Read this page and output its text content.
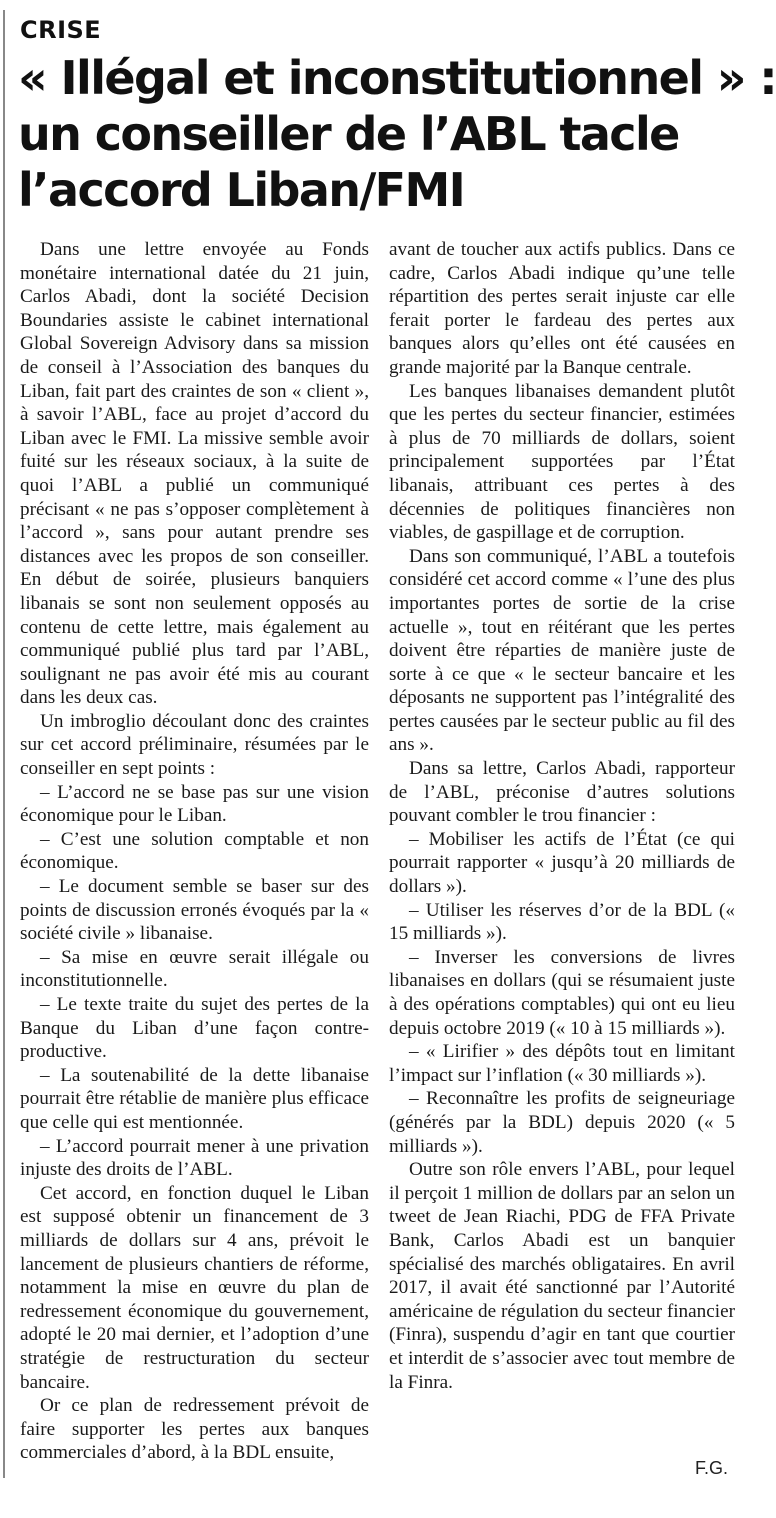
CRISE
« Illégal et inconstitutionnel » :
un conseiller de l’ABL tacle
l’accord Liban/FMI

Dans une lettre envoyée au Fonds monétaire international datée du 21 juin, Carlos Abadi, dont la société Decision Boundaries assiste le cabinet international Global Sovereign Advisory dans sa mission de conseil à l’Association des banques du Liban, fait part des craintes de son « client », à savoir l’ABL, face au projet d’accord du Liban avec le FMI. La missive semble avoir fuité sur les réseaux sociaux, à la suite de quoi l’ABL a publié un communiqué précisant « ne pas s’opposer complètement à l’accord », sans pour autant prendre ses distances avec les propos de son conseiller. En début de soirée, plusieurs banquiers libanais se sont non seulement opposés au contenu de cette lettre, mais également au communiqué publié plus tard par l’ABL, soulignant ne pas avoir été mis au courant dans les deux cas.

Un imbroglio découlant donc des craintes sur cet accord préliminaire, résumées par le conseiller en sept points :

– L’accord ne se base pas sur une vision économique pour le Liban.

– C’est une solution comptable et non économique.

– Le document semble se baser sur des points de discussion erronés évoqués par la « société civile » libanaise.

– Sa mise en œuvre serait illégale ou inconstitutionnelle.

– Le texte traite du sujet des pertes de la Banque du Liban d’une façon contre-productive.

– La soutenabilité de la dette libanaise pourrait être rétablie de manière plus efficace que celle qui est mentionnée.

– L’accord pourrait mener à une privation injuste des droits de l’ABL.

Cet accord, en fonction duquel le Liban est supposé obtenir un financement de 3 milliards de dollars sur 4 ans, prévoit le lancement de plusieurs chantiers de réforme, notamment la mise en œuvre du plan de redressement économique du gouvernement, adopté le 20 mai dernier, et l’adoption d’une stratégie de restructuration du secteur bancaire.

Or ce plan de redressement prévoit de faire supporter les pertes aux banques commerciales d’abord, à la BDL ensuite,

avant de toucher aux actifs publics. Dans ce cadre, Carlos Abadi indique qu’une telle répartition des pertes serait injuste car elle ferait porter le fardeau des pertes aux banques alors qu’elles ont été causées en grande majorité par la Banque centrale.

Les banques libanaises demandent plutôt que les pertes du secteur financier, estimées à plus de 70 milliards de dollars, soient principalement supportées par l’État libanais, attribuant ces pertes à des décennies de politiques financières non viables, de gaspillage et de corruption.

Dans son communiqué, l’ABL a toutefois considéré cet accord comme « l’une des plus importantes portes de sortie de la crise actuelle », tout en réitérant que les pertes doivent être réparties de manière juste de sorte à ce que « le secteur bancaire et les déposants ne supportent pas l’intégralité des pertes causées par le secteur public au fil des ans ».

Dans sa lettre, Carlos Abadi, rapporteur de l’ABL, préconise d’autres solutions pouvant combler le trou financier :

– Mobiliser les actifs de l’État (ce qui pourrait rapporter « jusqu’à 20 milliards de dollars »).

– Utiliser les réserves d’or de la BDL (« 15 milliards »).

– Inverser les conversions de livres libanaises en dollars (qui se résumaient juste à des opérations comptables) qui ont eu lieu depuis octobre 2019 (« 10 à 15 milliards »).

– « Lirifier » des dépôts tout en limitant l’impact sur l’inflation (« 30 milliards »).

– Reconnaître les profits de seigneuriage (générés par la BDL) depuis 2020 (« 5 milliards »).

Outre son rôle envers l’ABL, pour lequel il perçoit 1 million de dollars par an selon un tweet de Jean Riachi, PDG de FFA Private Bank, Carlos Abadi est un banquier spécialisé des marchés obligataires. En avril 2017, il avait été sanctionné par l’Autorité américaine de régulation du secteur financier (Finra), suspendu d’agir en tant que courtier et interdit de s’associer avec tout membre de la Finra.

F.G.
